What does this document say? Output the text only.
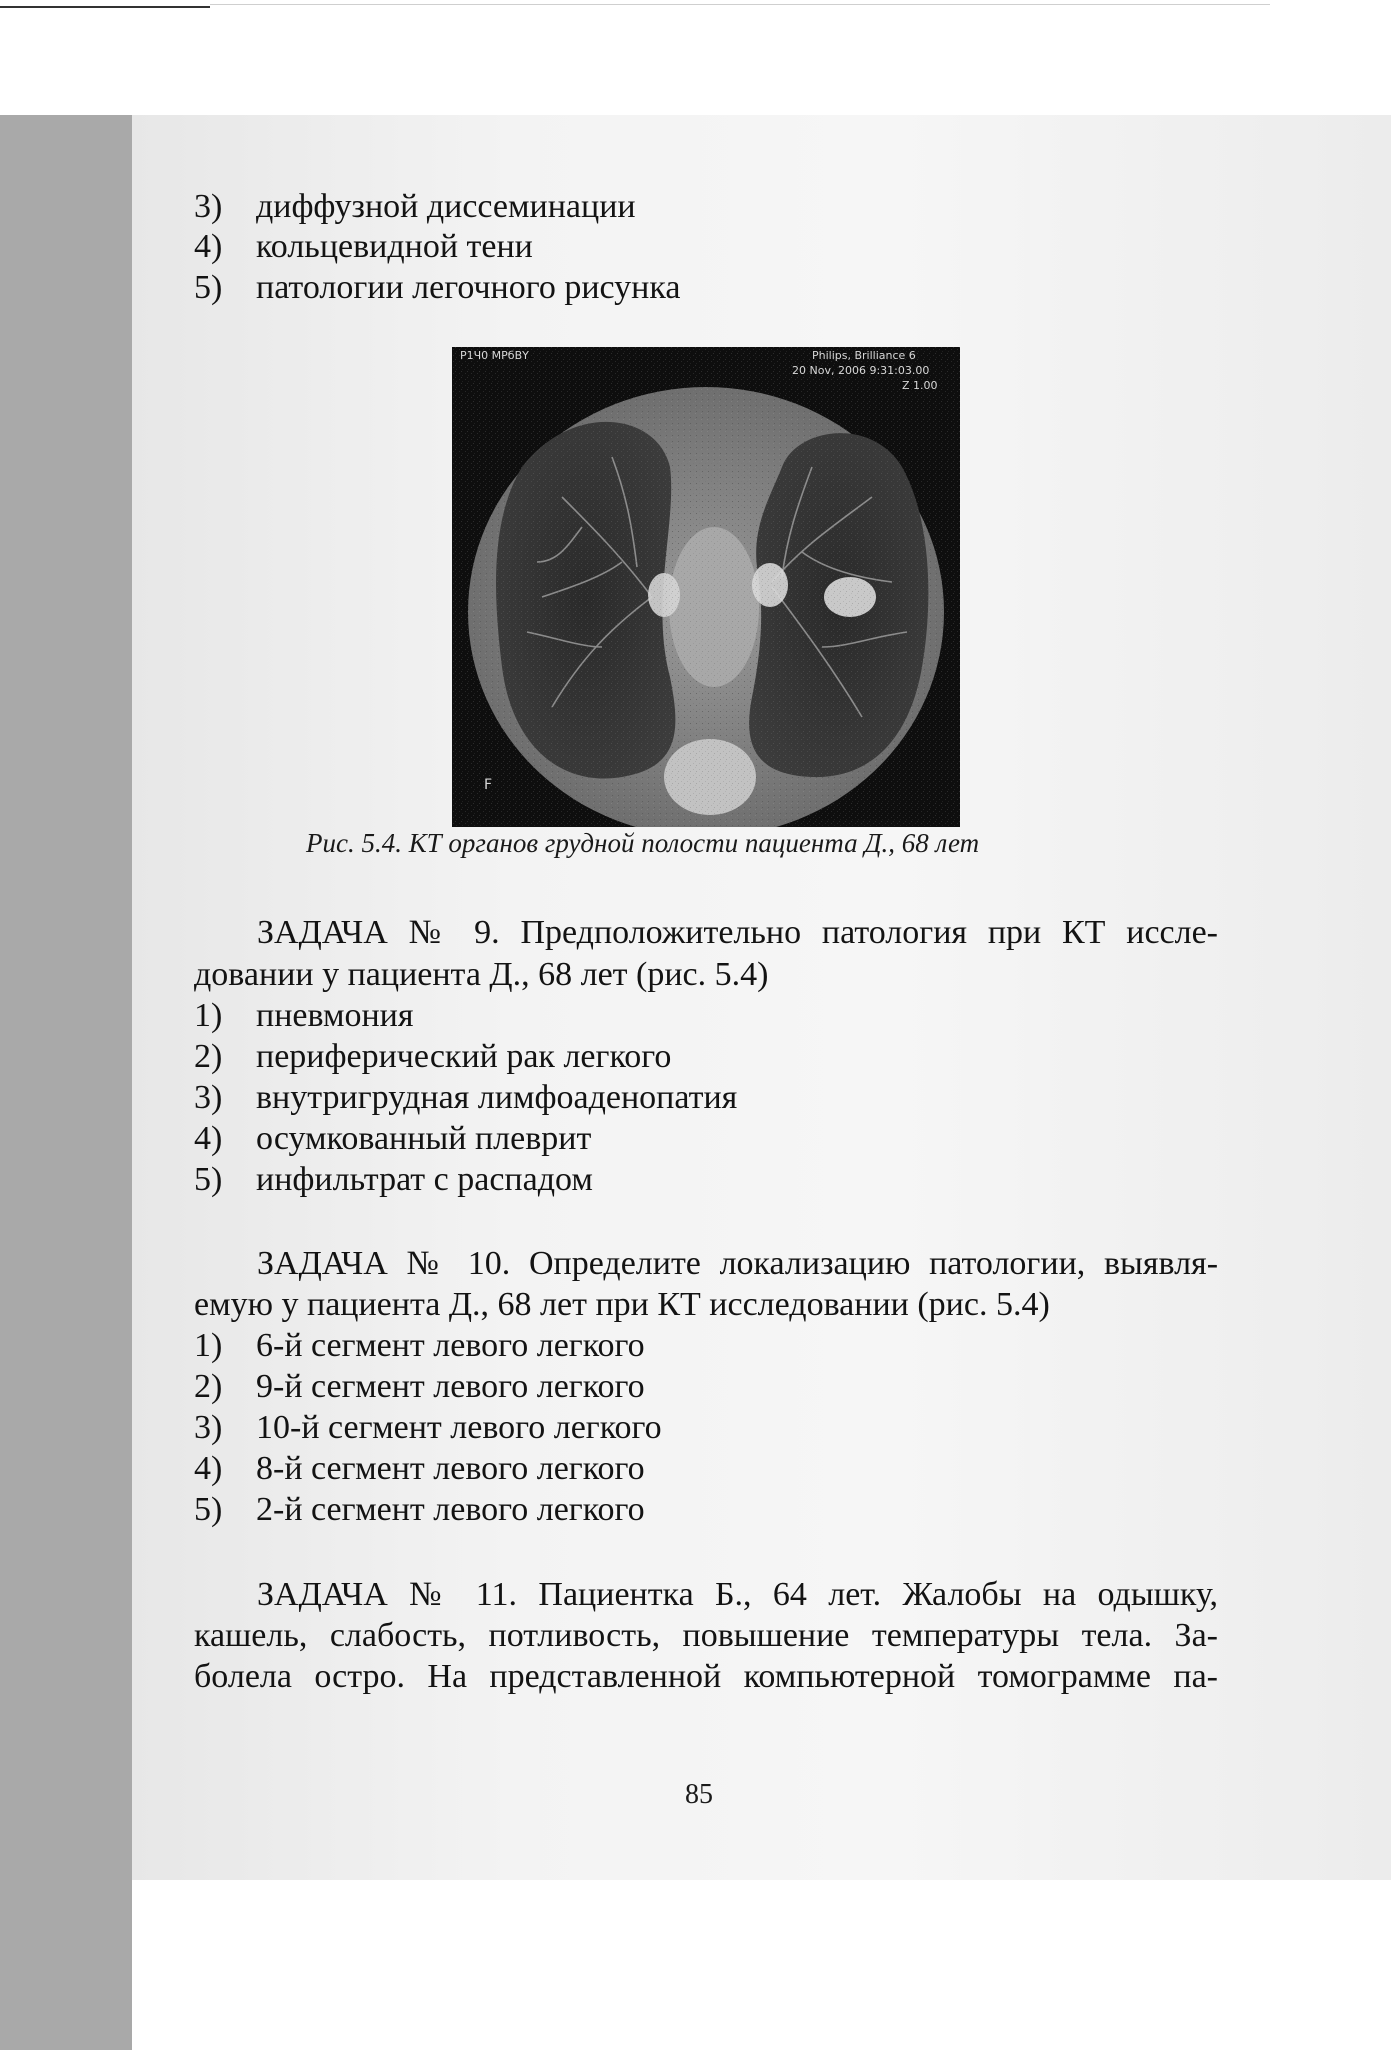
3) диффузной диссеминации
4) кольцевидной тени
5) патологии легочного рисунка
Р1Ч0 МРбВY	Philips, Brilliance 6
20 Nov, 2006 9:31:03.00
Z 1.00
F
Рис. 5.4. КТ органов грудной полости пациента Д., 68 лет
ЗАДАЧА № 9. Предположительно патология при КТ иссле-
довании у пациента Д., 68 лет (рис. 5.4)
1) пневмония
2) периферический рак легкого
3) внутригрудная лимфоаденопатия
4) осумкованный плеврит
5) инфильтрат с распадом
ЗАДАЧА № 10. Определите локализацию патологии, выявля-
емую у пациента Д., 68 лет при КТ исследовании (рис. 5.4)
1) 6-й сегмент левого легкого
2) 9-й сегмент левого легкого
3) 10-й сегмент левого легкого
4) 8-й сегмент левого легкого
5) 2-й сегмент левого легкого
ЗАДАЧА № 11. Пациентка Б., 64 лет. Жалобы на одышку,
кашель, слабость, потливость, повышение температуры тела. За-
болела остро. На представленной компьютерной томограмме па-
85
